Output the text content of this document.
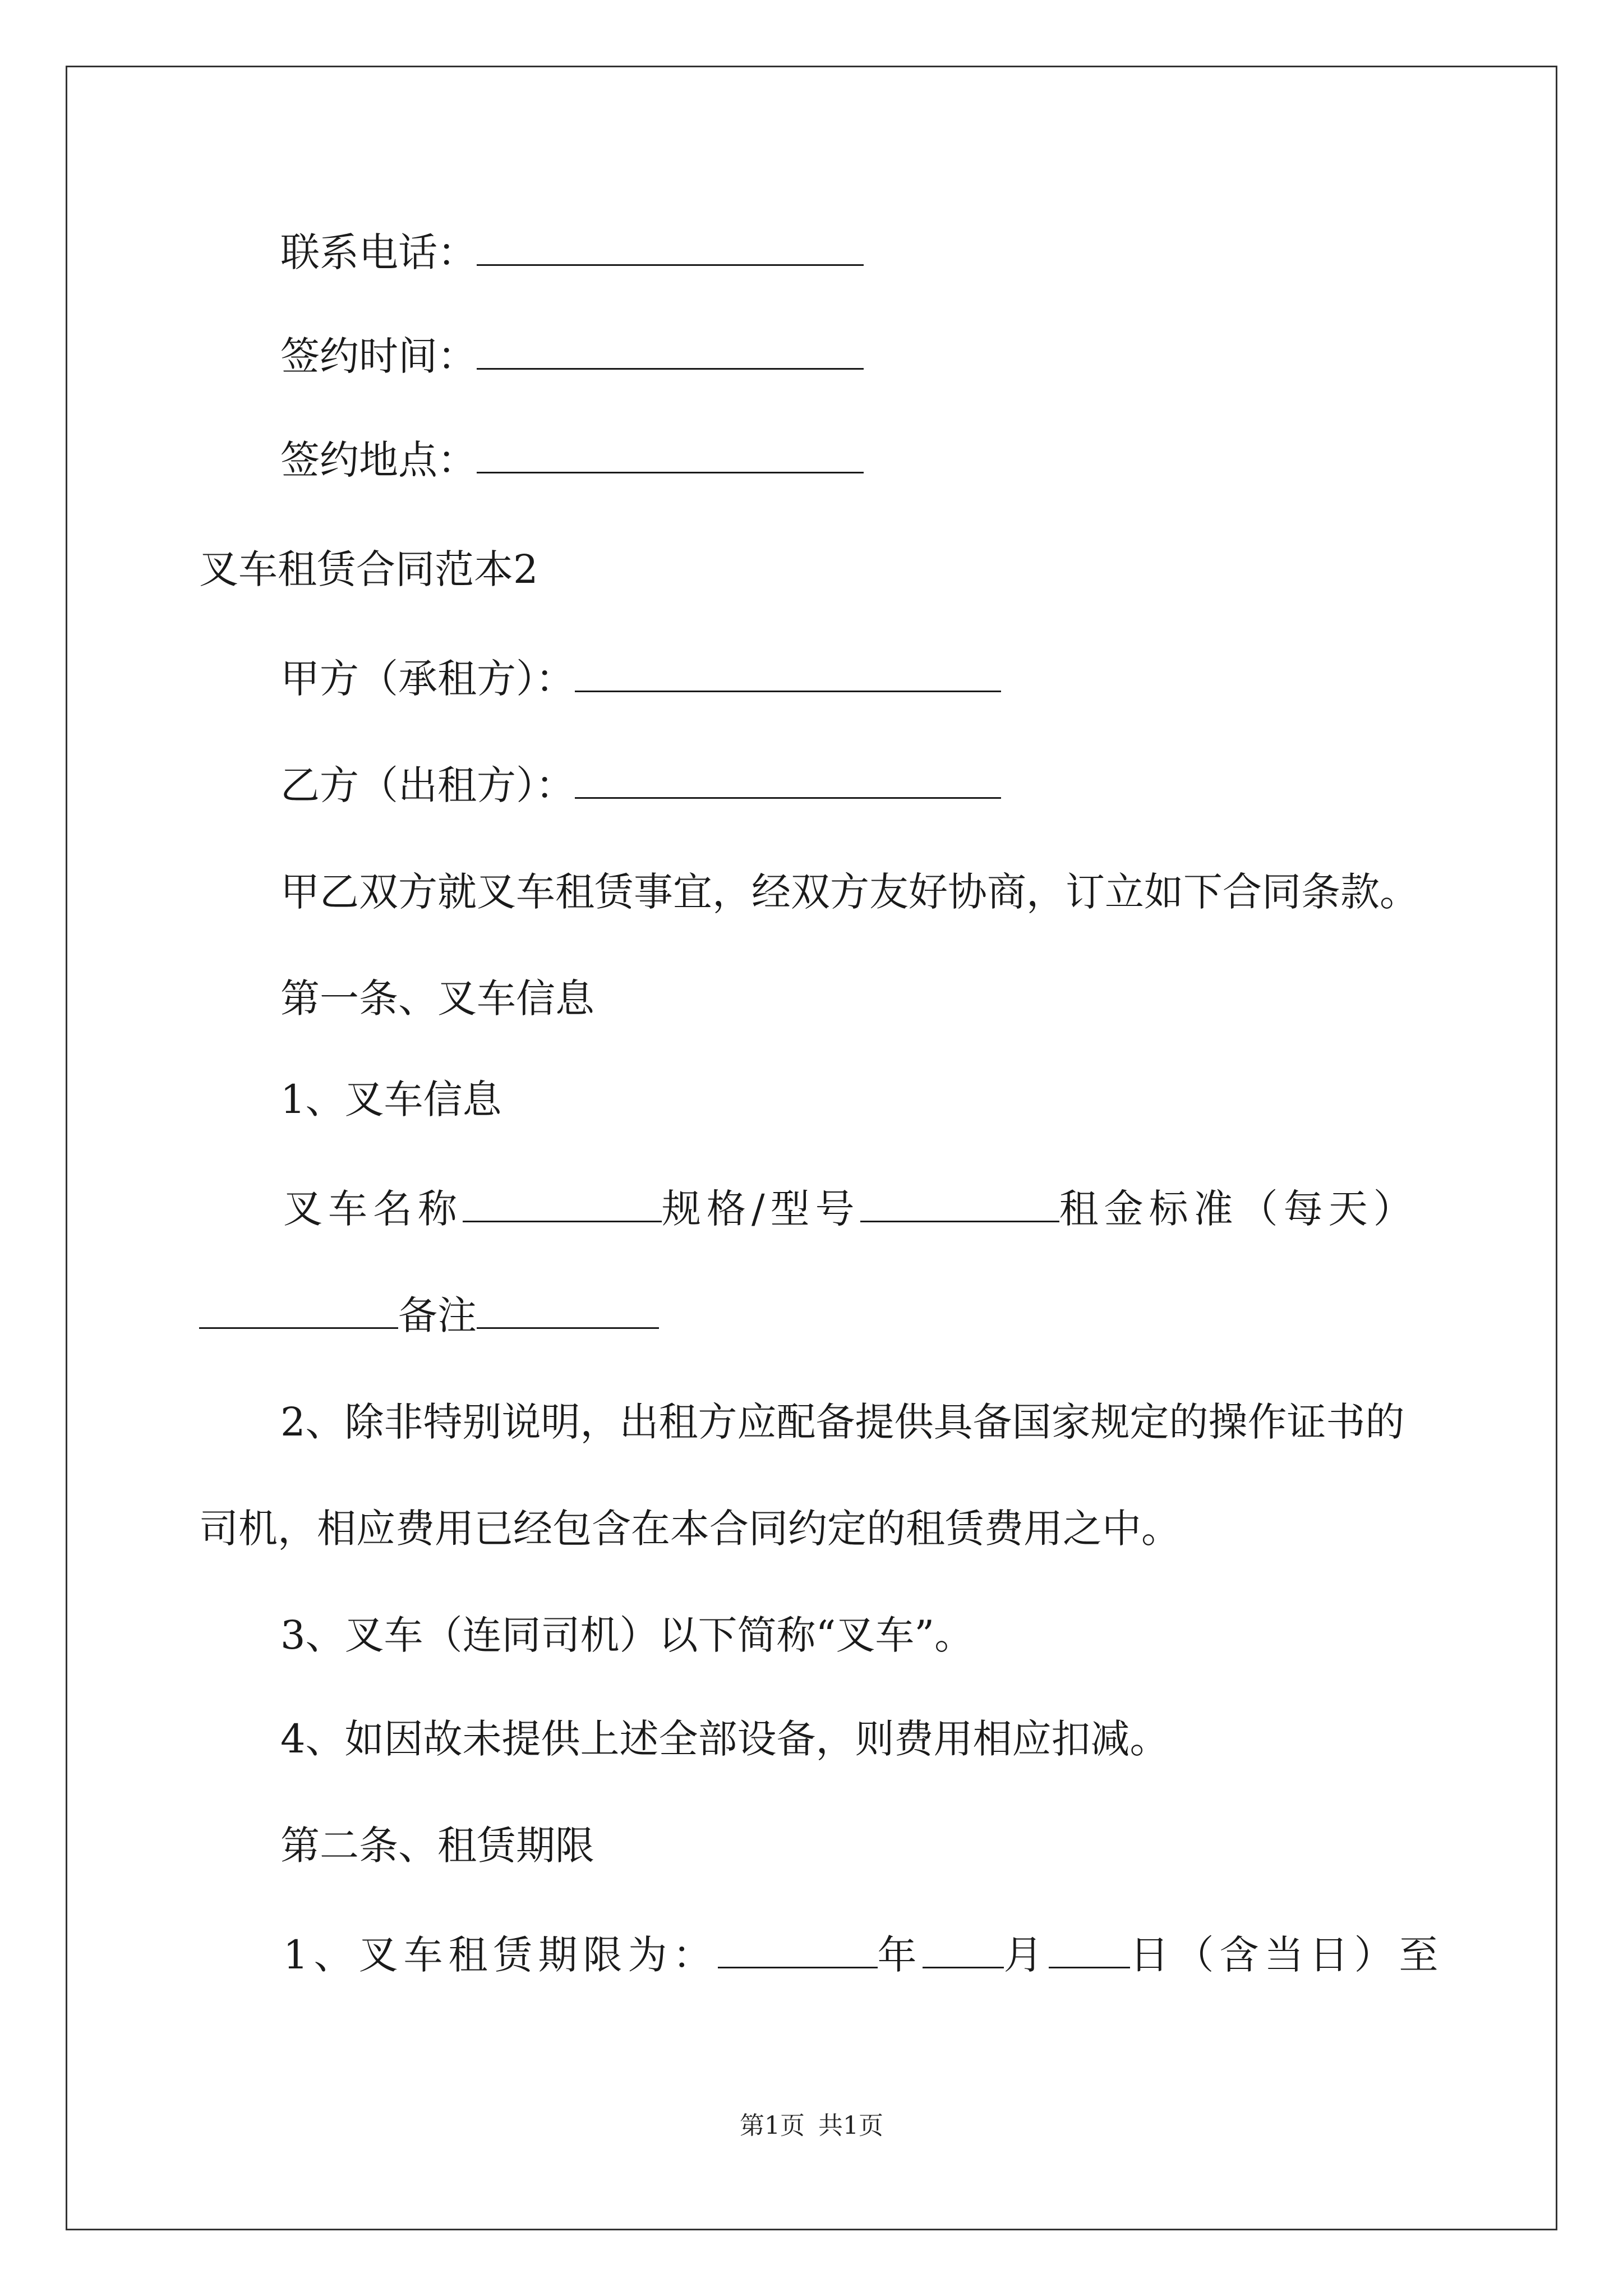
联系电话：
签约时间：
签约地点：
叉车租赁合同范本2
甲方（承租方）：
乙方（出租方）：
甲乙双方就叉车租赁事宜，经双方友好协商，订立如下合同条款。
第一条、叉车信息
1、叉车信息
叉车名称	规格/型号	租金标准（每天）
备注
2、除非特别说明，出租方应配备提供具备国家规定的操作证书的
司机，相应费用已经包含在本合同约定的租赁费用之中。
3、叉车（连同司机）以下简称“叉车”。
4、如因故未提供上述全部设备，则费用相应扣减。
第二条、租赁期限
1、叉车租赁期限为：	年 月 日（含当日）至
第1页 共1页
